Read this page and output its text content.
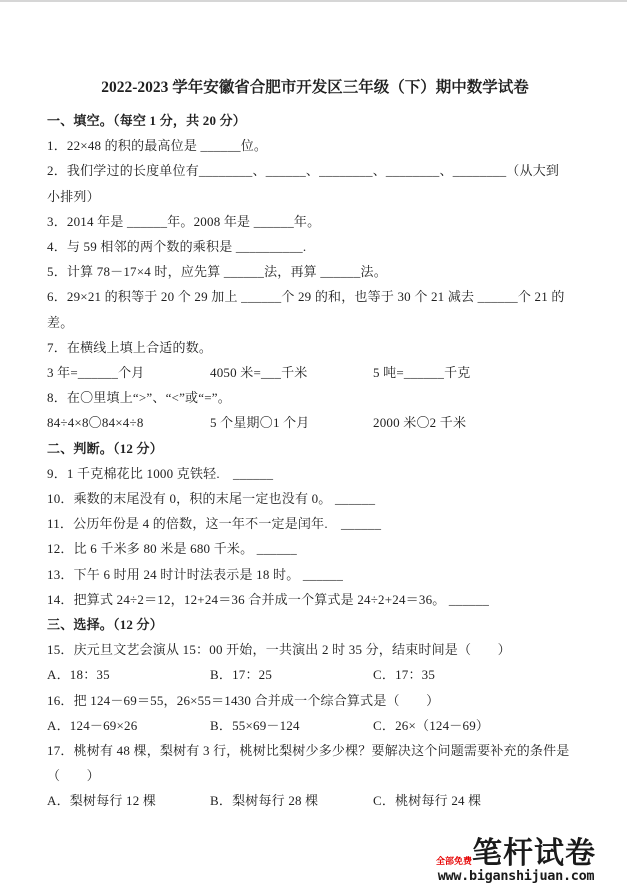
2022-2023 学年安徽省合肥市开发区三年级（下）期中数学试卷
一、填空。（每空 1 分，共 20 分）
1．22×48 的积的最高位是 ______位。
2．我们学过的长度单位有________、______、________、________、________（从大到
小排列）
3．2014 年是 ______年。2008 年是 ______年。
4．与 59 相邻的两个数的乘积是 __________.
5．计算 78－17×4 时，应先算 ______法，再算 ______法。
6．29×21 的积等于 20 个 29 加上 ______个 29 的和，也等于 30 个 21 减去 ______个 21 的
差。
7．在横线上填上合适的数。
3 年=______个月	4050 米=___千米	5 吨=______千克
8．在〇里填上“>”、“<”或“=”。
84÷4×8〇84×4÷8	5 个星期〇1 个月	2000 米〇2 千米
二、判断。（12 分）
9．1 千克棉花比 1000 克铁轻.　______
10．乘数的末尾没有 0，积的末尾一定也没有 0。 ______
11．公历年份是 4 的倍数，这一年不一定是闰年.　______
12．比 6 千米多 80 米是 680 千米。 ______
13．下午 6 时用 24 时计时法表示是 18 时。 ______
14．把算式 24÷2＝12，12+24＝36 合并成一个算式是 24÷2+24＝36。 ______
三、选择。（12 分）
15．庆元旦文艺会演从 15：00 开始，一共演出 2 时 35 分，结束时间是（　　）
A．18：35	B．17：25	C．17：35
16．把 124－69＝55，26×55＝1430 合并成一个综合算式是（　　）
A．124－69×26	B．55×69－124	C．26×（124－69）
17．桃树有 48 棵，梨树有 3 行，桃树比梨树少多少棵？要解决这个问题需要补充的条件是
（　　）
A．梨树每行 12 棵	B．梨树每行 28 棵	C．桃树每行 24 棵
全部免费 笔杆试卷
www.biganshijuan.com
